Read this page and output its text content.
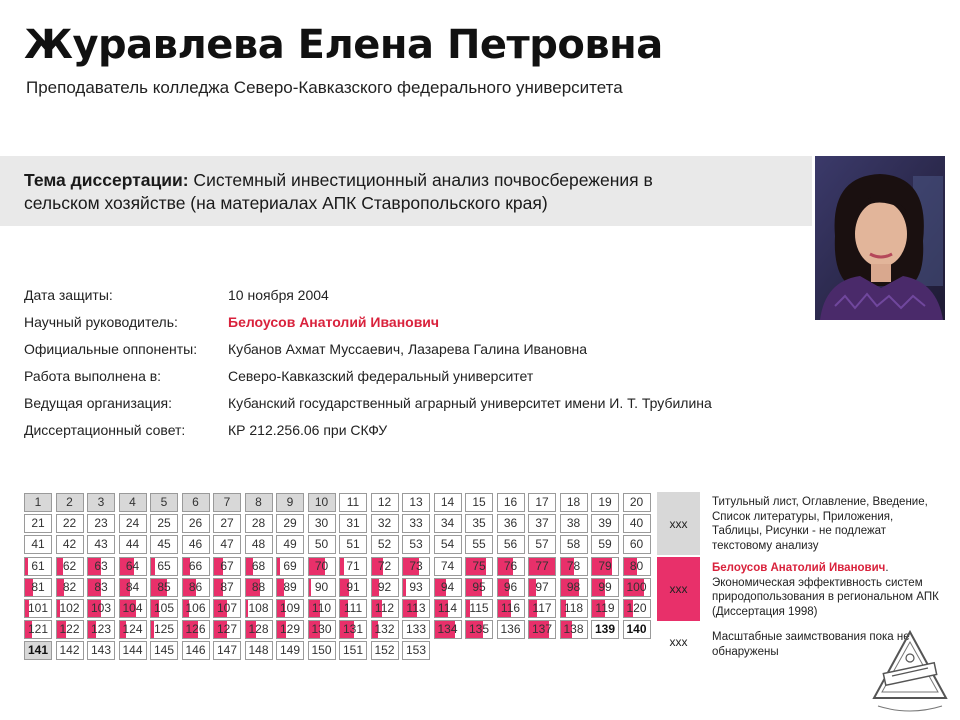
Журавлева Елена Петровна
Преподаватель колледжа Северо-Кавказского федерального университета
Тема диссертации: Системный инвестиционный анализ почвосбережения в сельском хозяйстве (на материалах АПК Ставропольского края)
Дата защиты:	10 ноября 2004
Научный руководитель:	Белоусов Анатолий Иванович
Официальные оппоненты:	Кубанов Ахмат Муссаевич, Лазарева Галина Ивановна
Работа выполнена в:	Северо-Кавказский федеральный университет
Ведущая организация:	Кубанский государственный аграрный университет имени И. Т. Трубилина
Диссертационный совет:	КР 212.256.06 при СКФУ
1	2	3	4	5	6	7	8	9	10	11	12	13	14	15	16	17	18	19	20
21	22	23	24	25	26	27	28	29	30	31	32	33	34	35	36	37	38	39	40
41	42	43	44	45	46	47	48	49	50	51	52	53	54	55	56	57	58	59	60
61	62	63	64	65	66	67	68	69	70	71	72	73	74	75	76	77	78	79	80
81	82	83	84	85	86	87	88	89	90	91	92	93	94	95	96	97	98	99	100
101 102 103 104 105 106 107 108 109 110	111	112 113 114 115 116 117 118 119 120
121 122 123 124 125 126 127 128 129 130 131 132 133 134 135 136 137 138 139 140
141 142 143 144 145 146 147 148 149 150 151 152 153
xxx
xxx
xxx
Титульный лист, Оглавление, Введение, Список литературы, Приложения, Таблицы, Рисунки - не подлежат текстовому анализу
Белоусов Анатолий Иванович. Экономическая эффективность систем природопользования в региональном АПК (Диссертация 1998)
Масштабные заимствования пока не обнаружены
